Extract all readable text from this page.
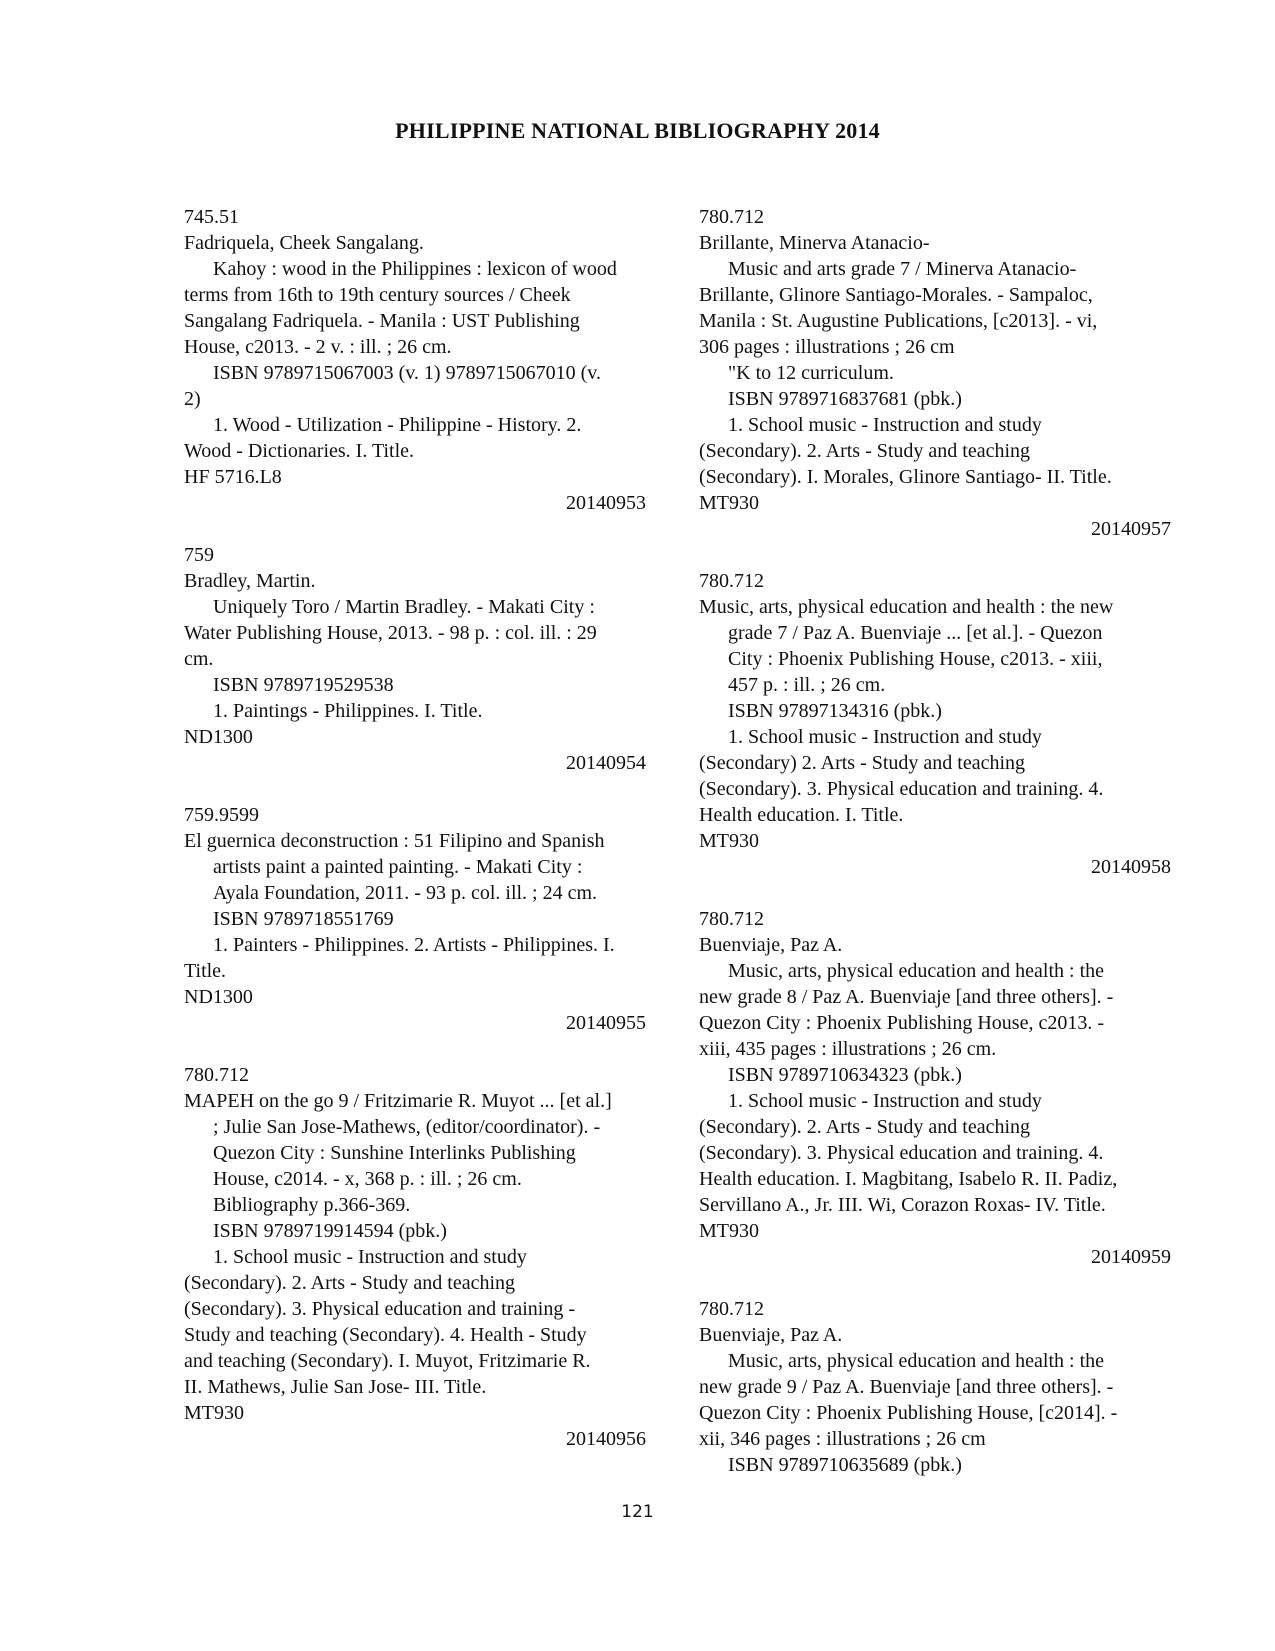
PHILIPPINE NATIONAL BIBLIOGRAPHY 2014
745.51
Fadriquela, Cheek Sangalang.
Kahoy : wood in the Philippines : lexicon of wood
terms from 16th to 19th century sources / Cheek
Sangalang Fadriquela. - Manila : UST Publishing
House, c2013. - 2 v. : ill. ; 26 cm.
ISBN 9789715067003 (v. 1) 9789715067010 (v.
2)
1. Wood - Utilization - Philippine - History. 2.
Wood - Dictionaries. I. Title.
HF 5716.L8
20140953
759
Bradley, Martin.
Uniquely Toro / Martin Bradley. - Makati City :
Water Publishing House, 2013. - 98 p. : col. ill. : 29
cm.
ISBN 9789719529538
1. Paintings - Philippines. I. Title.
ND1300
20140954
759.9599
El guernica deconstruction : 51 Filipino and Spanish
artists paint a painted painting. - Makati City :
Ayala Foundation, 2011. - 93 p. col. ill. ; 24 cm.
ISBN 9789718551769
1. Painters - Philippines. 2. Artists - Philippines. I.
Title.
ND1300
20140955
780.712
MAPEH on the go 9 / Fritzimarie R. Muyot ... [et al.]
; Julie San Jose-Mathews, (editor/coordinator). -
Quezon City : Sunshine Interlinks Publishing
House, c2014. - x, 368 p. : ill. ; 26 cm.
Bibliography p.366-369.
ISBN 9789719914594 (pbk.)
1. School music - Instruction and study
(Secondary). 2. Arts - Study and teaching
(Secondary). 3. Physical education and training -
Study and teaching (Secondary). 4. Health - Study
and teaching (Secondary). I. Muyot, Fritzimarie R.
II. Mathews, Julie San Jose- III. Title.
MT930
20140956
780.712
Brillante, Minerva Atanacio-
Music and arts grade 7 / Minerva Atanacio-
Brillante, Glinore Santiago-Morales. - Sampaloc,
Manila : St. Augustine Publications, [c2013]. - vi,
306 pages : illustrations ; 26 cm
"K to 12 curriculum.
ISBN 9789716837681 (pbk.)
1. School music - Instruction and study
(Secondary). 2. Arts - Study and teaching
(Secondary). I. Morales, Glinore Santiago- II. Title.
MT930
20140957
780.712
Music, arts, physical education and health : the new
grade 7 / Paz A. Buenviaje ... [et al.]. - Quezon
City : Phoenix Publishing House, c2013. - xiii,
457 p. : ill. ; 26 cm.
ISBN 97897134316 (pbk.)
1. School music - Instruction and study
(Secondary) 2. Arts - Study and teaching
(Secondary). 3. Physical education and training. 4.
Health education. I. Title.
MT930
20140958
780.712
Buenviaje, Paz A.
Music, arts, physical education and health : the
new grade 8 / Paz A. Buenviaje [and three others]. -
Quezon City : Phoenix Publishing House, c2013. -
xiii, 435 pages : illustrations ; 26 cm.
ISBN 9789710634323 (pbk.)
1. School music - Instruction and study
(Secondary). 2. Arts - Study and teaching
(Secondary). 3. Physical education and training. 4.
Health education. I. Magbitang, Isabelo R. II. Padiz,
Servillano A., Jr. III. Wi, Corazon Roxas- IV. Title.
MT930
20140959
780.712
Buenviaje, Paz A.
Music, arts, physical education and health : the
new grade 9 / Paz A. Buenviaje [and three others]. -
Quezon City : Phoenix Publishing House, [c2014]. -
xii, 346 pages : illustrations ; 26 cm
ISBN 9789710635689 (pbk.)
121
